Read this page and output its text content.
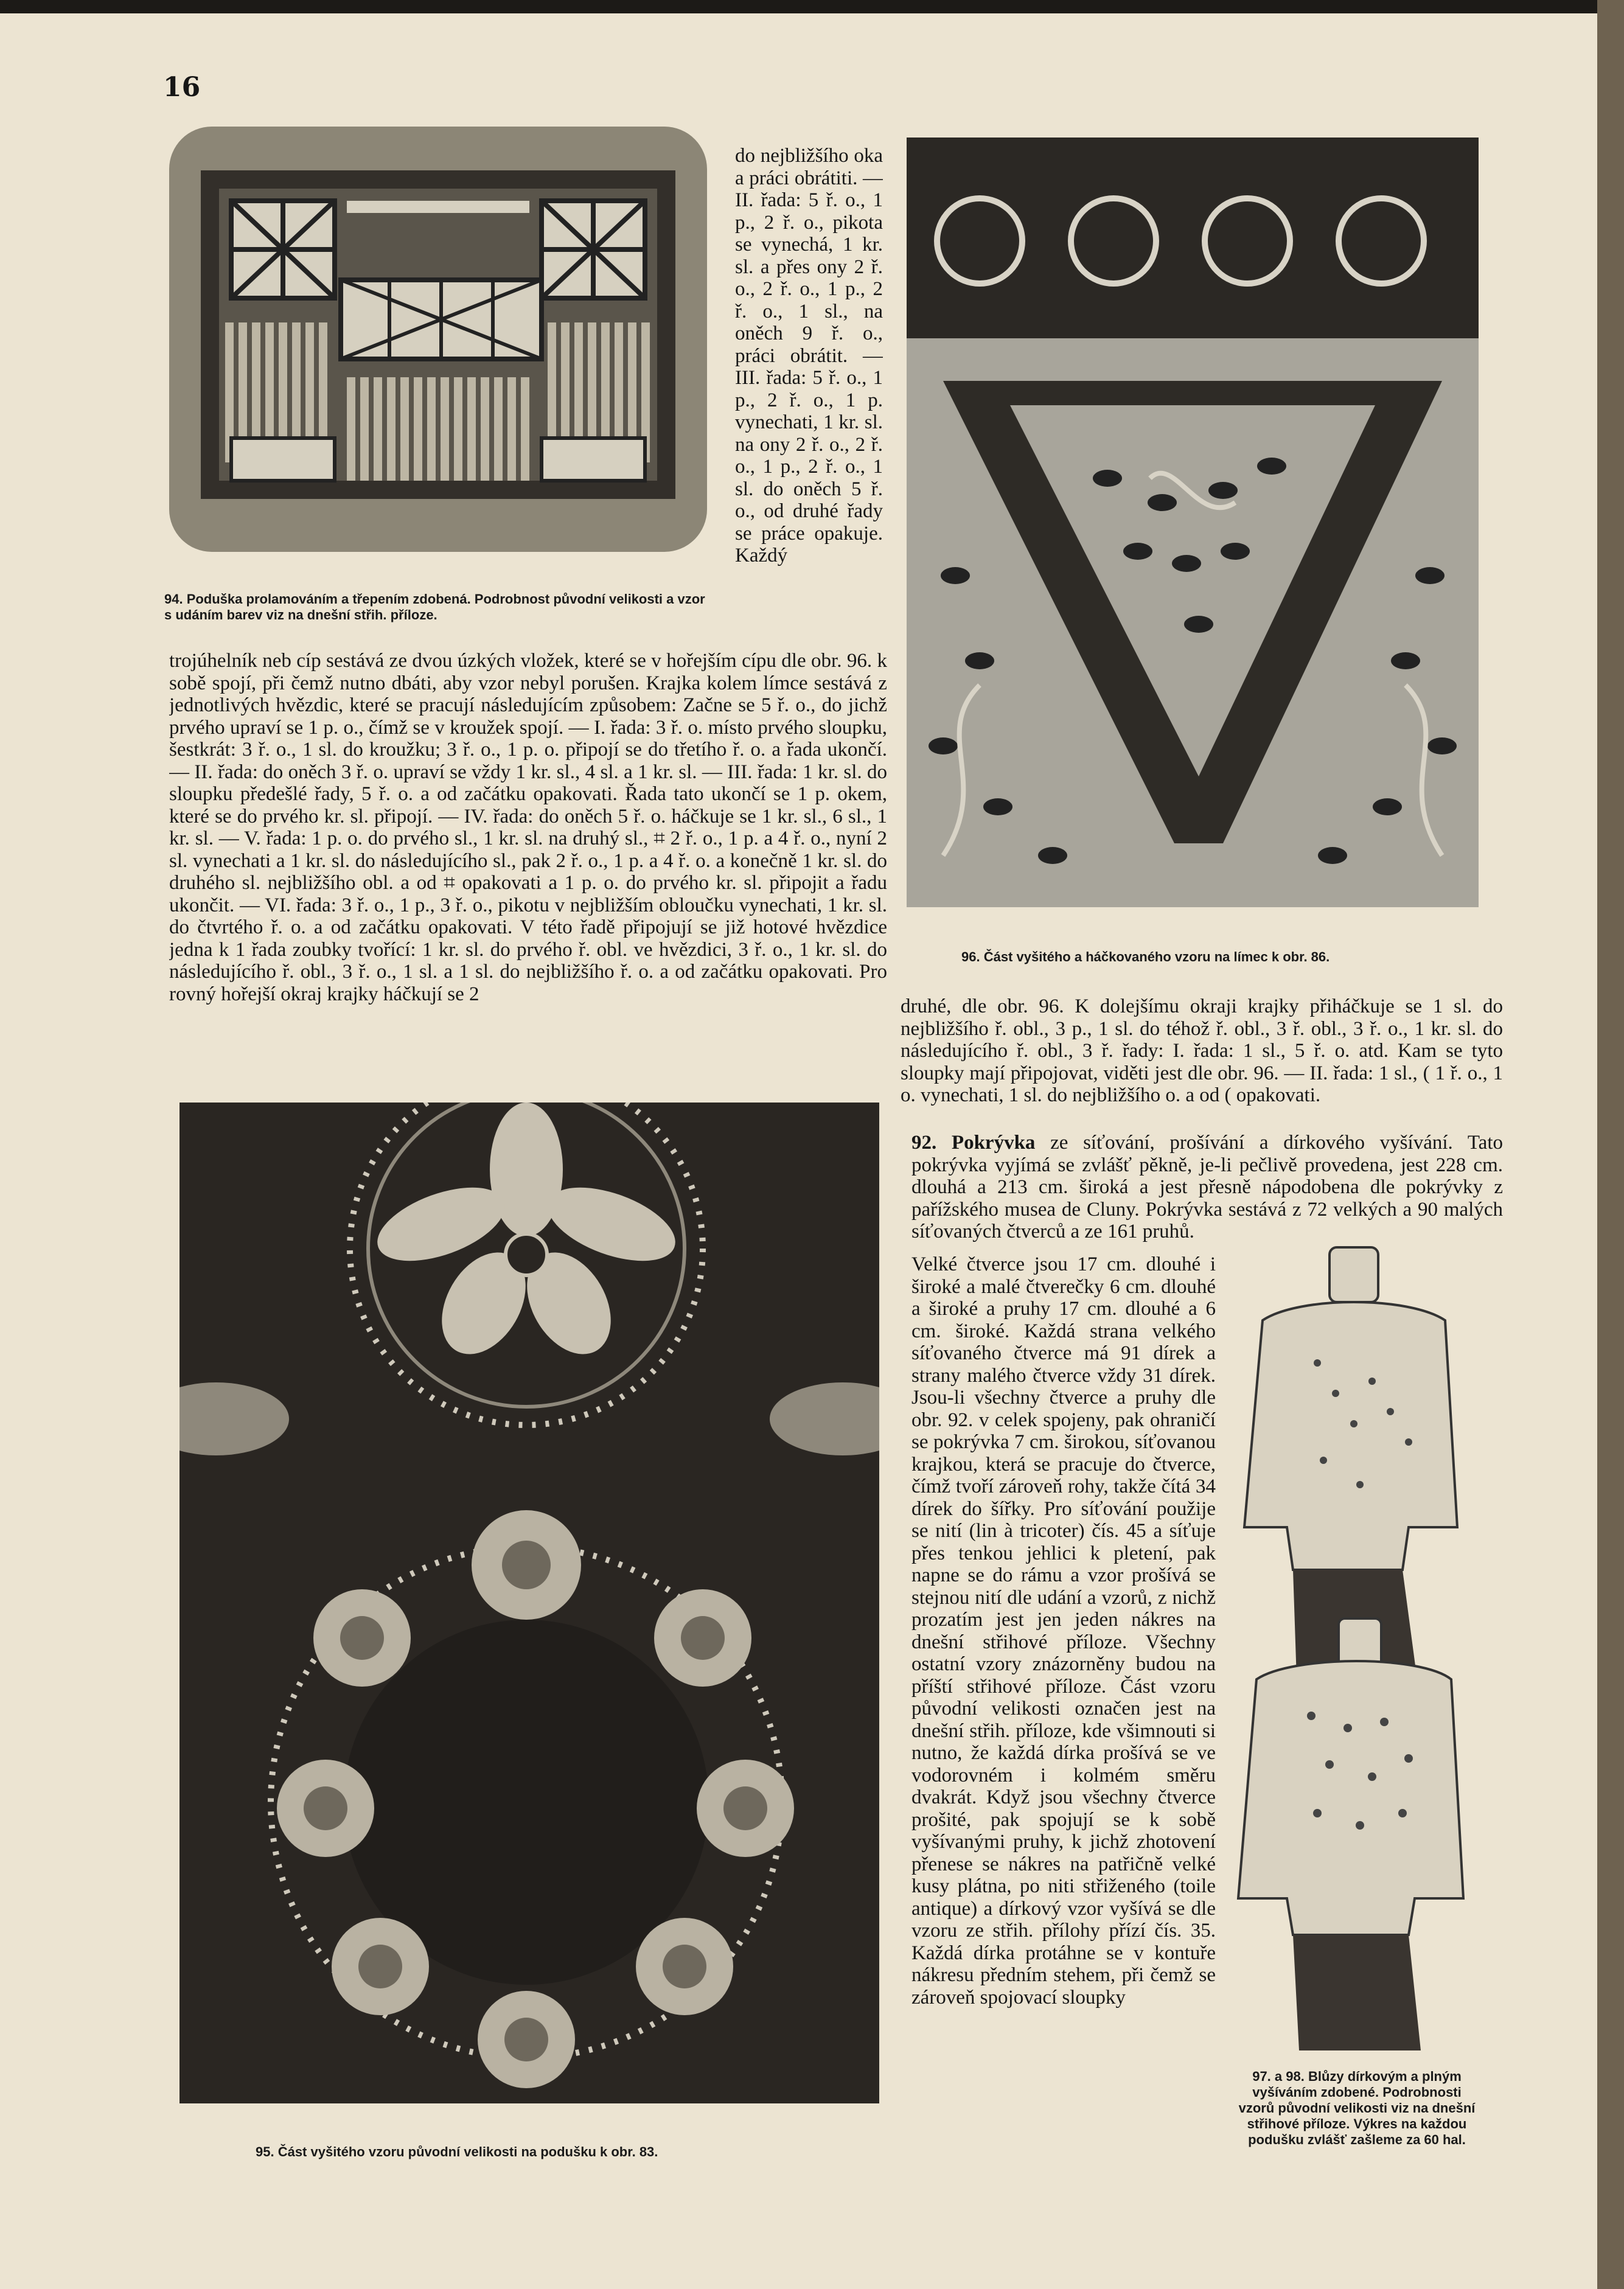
16
94. Poduška prolamováním a třepením zdobená. Podrobnost původní velikosti a vzor s udáním barev viz na dnešní střih. příloze.
do nejbližšího oka a práci obrátiti. — II. řada: 5 ř. o., 1 p., 2 ř. o., pikota se vynechá, 1 kr. sl. a přes ony 2 ř. o., 2 ř. o., 1 p., 2 ř. o., 1 sl., na oněch 9 ř. o., práci obrátit. — III. řada: 5 ř. o., 1 p., 2 ř. o., 1 p. vynechati, 1 kr. sl. na ony 2 ř. o., 2 ř. o., 1 p., 2 ř. o., 1 sl. do oněch 5 ř. o., od druhé řady se práce opakuje. Každý
trojúhelník neb cíp sestává ze dvou úzkých vložek, které se v hořejším cípu dle obr. 96. k sobě spojí, při čemž nutno dbáti, aby vzor nebyl porušen. Krajka kolem límce sestává z jednotlivých hvězdic, které se pracují následujícím způsobem: Začne se 5 ř. o., do jichž prvého upraví se 1 p. o., čímž se v kroužek spojí. — I. řada: 3 ř. o. místo prvého sloupku, šestkrát: 3 ř. o., 1 sl. do kroužku; 3 ř. o., 1 p. o. připojí se do třetího ř. o. a řada ukončí. — II. řada: do oněch 3 ř. o. upraví se vždy 1 kr. sl., 4 sl. a 1 kr. sl. — III. řada: 1 kr. sl. do sloupku předešlé řady, 5 ř. o. a od začátku opakovati. Řada tato ukončí se 1 p. okem, které se do prvého kr. sl. připojí. — IV. řada: do oněch 5 ř. o. háčkuje se 1 kr. sl., 6 sl., 1 kr. sl. — V. řada: 1 p. o. do prvého sl., 1 kr. sl. na druhý sl., ⌗ 2 ř. o., 1 p. a 4 ř. o., nyní 2 sl. vynechati a 1 kr. sl. do následujícího sl., pak 2 ř. o., 1 p. a 4 ř. o. a konečně 1 kr. sl. do druhého sl. nejbližšího obl. a od ⌗ opakovati a 1 p. o. do prvého kr. sl. připojit a řadu ukončit. — VI. řada: 3 ř. o., 1 p., 3 ř. o., pikotu v nejbližším obloučku vynechati, 1 kr. sl. do čtvrtého ř. o. a od začátku opakovati. V této řadě připojují se již hotové hvězdice jedna k 1 řada zoubky tvořící: 1 kr. sl. do prvého ř. obl. ve hvězdici, 3 ř. o., 1 kr. sl. do následujícího ř. obl., 3 ř. o., 1 sl. a 1 sl. do nejbližšího ř. o. a od začátku opakovati. Pro rovný hořejší okraj krajky háčkují se 2
96. Část vyšitého a háčkovaného vzoru na límec k obr. 86.
druhé, dle obr. 96. K dolejšímu okraji krajky přiháčkuje se 1 sl. do nejbližšího ř. obl., 3 p., 1 sl. do téhož ř. obl., 3 ř. obl., 3 ř. o., 1 kr. sl. do následujícího ř. obl., 3 ř. řady: I. řada: 1 sl., 5 ř. o. atd. Kam se tyto sloupky mají připojovat, viděti jest dle obr. 96. — II. řada: 1 sl., ( 1 ř. o., 1 o. vynechati, 1 sl. do nejbližšího o. a od ( opakovati.
92. Pokrývka ze síťování, prošívání a dírkového vyšívání. Tato pokrývka vyjímá se zvlášť pěkně, je-li pečlivě provedena, jest 228 cm. dlouhá a 213 cm. široká a jest přesně nápodobena dle pokrývky z pařížského musea de Cluny. Pokrývka sestává z 72 velkých a 90 malých síťovaných čtverců a ze 161 pruhů.
95. Část vyšitého vzoru původní velikosti na podušku k obr. 83.
Velké čtverce jsou 17 cm. dlouhé i široké a malé čtverečky 6 cm. dlouhé a široké a pruhy 17 cm. dlouhé a 6 cm. široké. Každá strana velkého síťovaného čtverce má 91 dírek a strany malého čtverce vždy 31 dírek. Jsou-li všechny čtverce a pruhy dle obr. 92. v celek spojeny, pak ohraničí se pokrývka 7 cm. širokou, síťovanou krajkou, která se pracuje do čtverce, čímž tvoří zároveň rohy, takže čítá 34 dírek do šířky. Pro síťování použije se nití (lin à tricoter) čís. 45 a síťuje přes tenkou jehlici k pletení, pak napne se do rámu a vzor prošívá se stejnou nití dle udání a vzorů, z nichž prozatím jest jen jeden nákres na dnešní střihové příloze. Všechny ostatní vzory znázorněny budou na příští střihové příloze. Část vzoru původní velikosti označen jest na dnešní střih. příloze, kde všimnouti si nutno, že každá dírka prošívá se ve vodorovném i kolmém směru dvakrát. Když jsou všechny čtverce prošité, pak spojují se k sobě vyšívanými pruhy, k jichž zhotovení přenese se nákres na patřičně velké kusy plátna, po niti střiženého (toile antique) a dírkový vzor vyšívá se dle vzoru ze střih. přílohy přízí čís. 35. Každá dírka protáhne se v kontuře nákresu předním stehem, při čemž se zároveň spojovací sloupky
97. a 98. Blůzy dírkovým a plným vyšíváním zdobené. Podrobnosti vzorů původní velikosti viz na dnešní střihové příloze. Výkres na každou podušku zvlášť zašleme za 60 hal.
